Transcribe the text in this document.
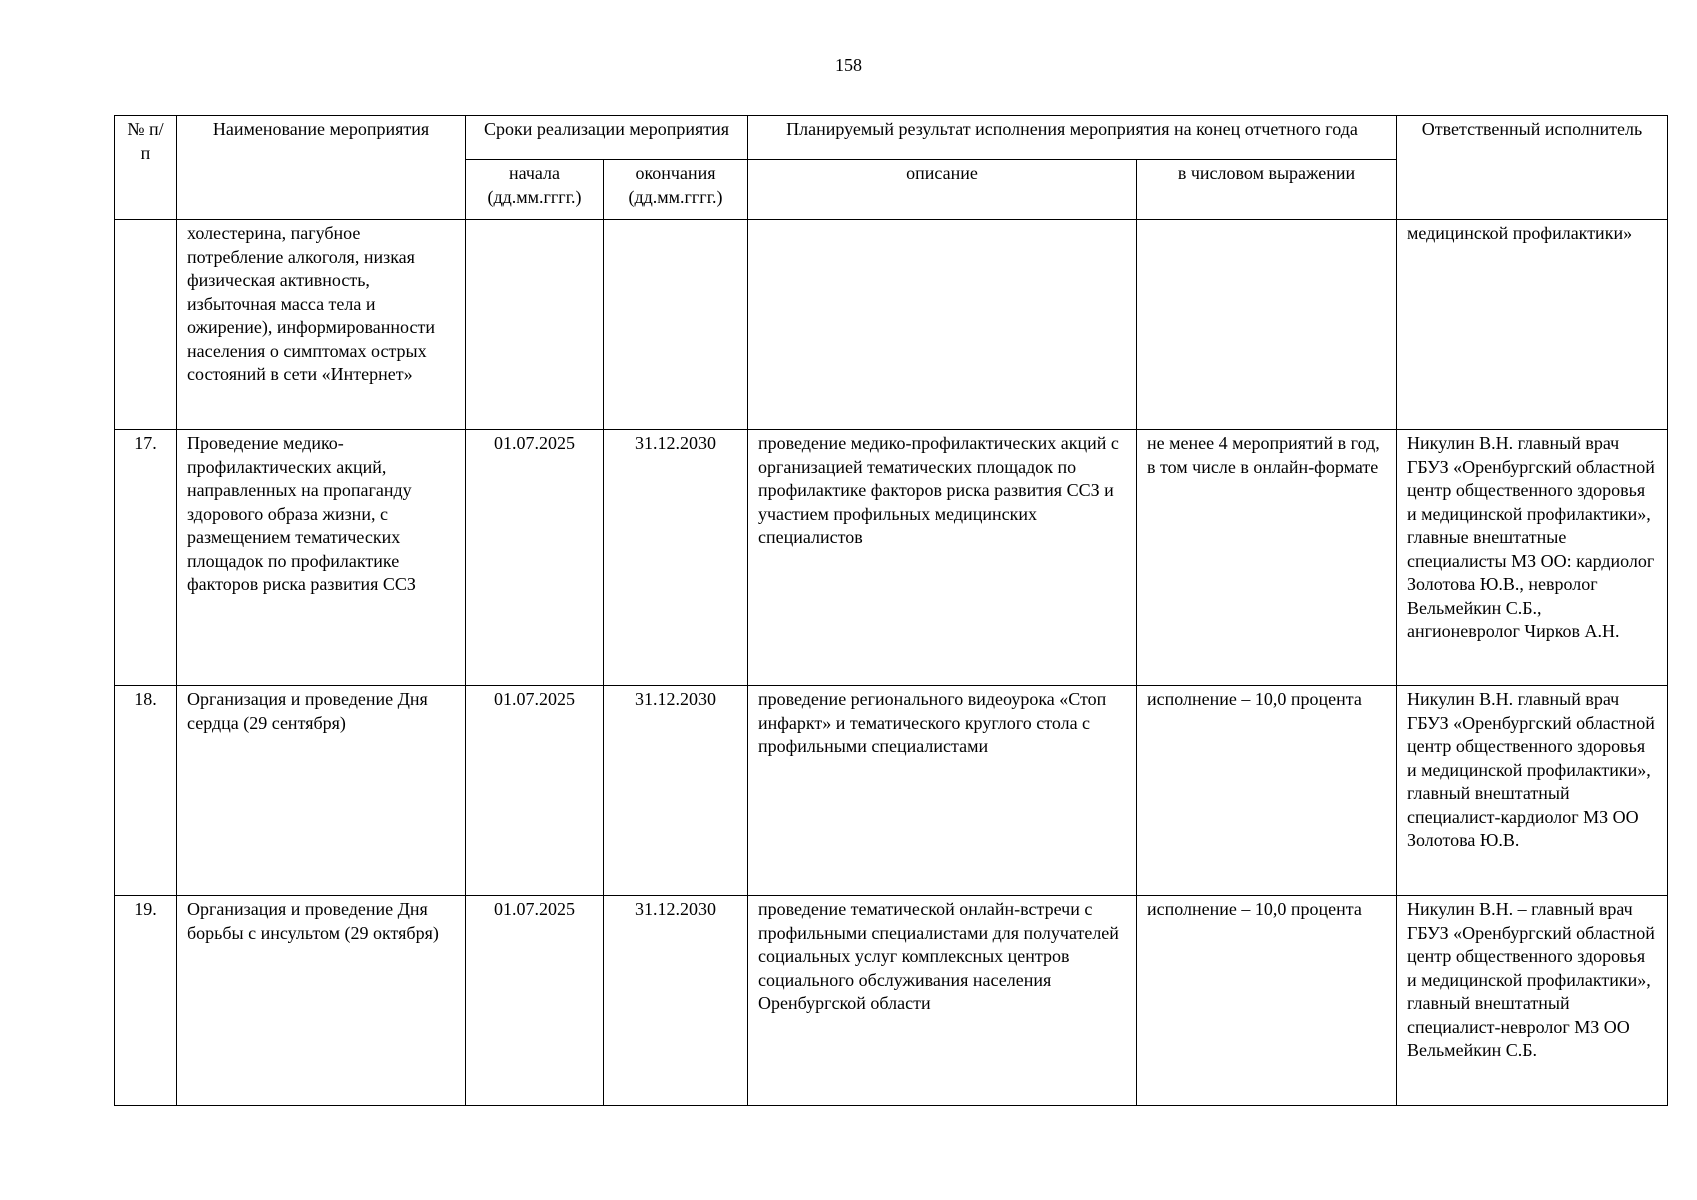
158
№ п/п	Наименование мероприятия	Сроки реализации мероприятия		Планируемый результат исполнения мероприятия на конец отчетного года		Ответственный исполнитель
		начала (дд.мм.гггг.)	окончания (дд.мм.гггг.)	описание	в числовом выражении	
	холестерина, пагубное потребление алкоголя, низкая физическая активность, избыточная масса тела и ожирение), информированности населения о симптомах острых состояний в сети «Интернет»					медицинской профилактики»
17.	Проведение медико-профилактических акций, направленных на пропаганду здорового образа жизни, с размещением тематических площадок по профилактике факторов риска развития ССЗ	01.07.2025	31.12.2030	проведение медико-профилактических акций с организацией тематических площадок по профилактике факторов риска развития ССЗ и участием профильных медицинских специалистов	не менее 4 мероприятий в год, в том числе в онлайн-формате	Никулин В.Н. главный врач ГБУЗ «Оренбургский областной центр общественного здоровья и медицинской профилактики», главные внештатные специалисты МЗ ОО: кардиолог Золотова Ю.В., невролог Вельмейкин С.Б., ангионевролог Чирков А.Н.
18.	Организация и проведение Дня сердца (29 сентября)	01.07.2025	31.12.2030	проведение регионального видеоурока «Стоп инфаркт» и тематического круглого стола с профильными специалистами	исполнение – 10,0 процента	Никулин В.Н. главный врач ГБУЗ «Оренбургский областной центр общественного здоровья и медицинской профилактики», главный внештатный специалист-кардиолог МЗ ОО Золотова Ю.В.
19.	Организация и проведение Дня борьбы с инсультом (29 октября)	01.07.2025	31.12.2030	проведение тематической онлайн-встречи с профильными специалистами для получателей социальных услуг комплексных центров социального обслуживания населения Оренбургской области	исполнение – 10,0 процента	Никулин В.Н. – главный врач ГБУЗ «Оренбургский областной центр общественного здоровья и медицинской профилактики», главный внештатный специалист-невролог МЗ ОО Вельмейкин С.Б.
